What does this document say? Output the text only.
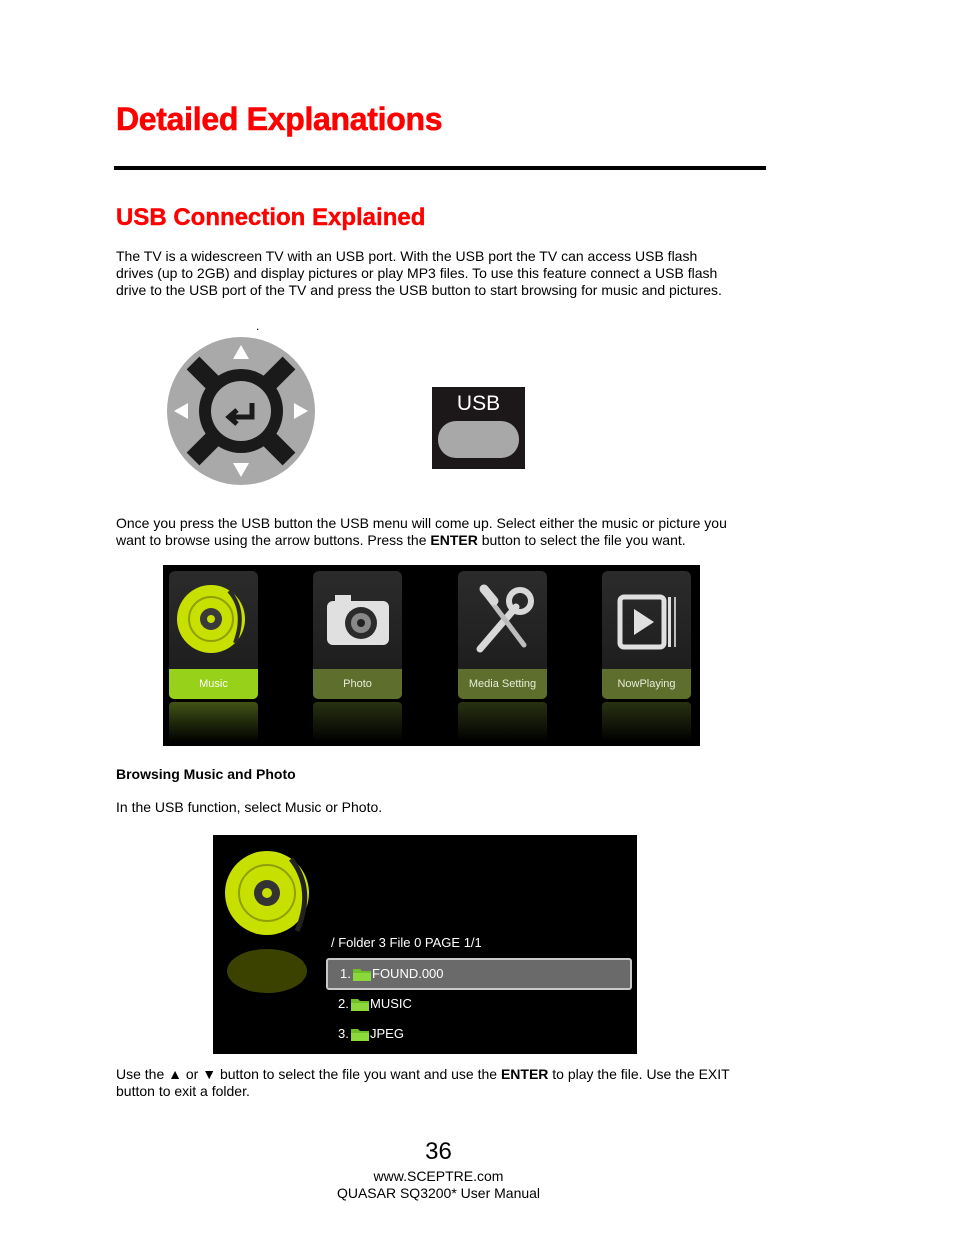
Detailed Explanations
USB Connection Explained

The TV is a widescreen TV with an USB port. With the USB port the TV can access USB flash

drives (up to 2GB) and display pictures or play MP3 files. To use this feature connect a USB flash

drive to the USB port of the TV and press the USB button to start browsing for music and pictures.

.
USB

Once you press the USB button the USB menu will come up. Select either the music or picture you

want to browse using the arrow buttons. Press the ENTER button to select the file you want.

Music	Photo	Media Setting	NowPlaying
Browsing Music and Photo
In the USB function, select Music or Photo.
/ Folder 3 File 0 PAGE 1/1
1. FOUND.000
2. MUSIC
3. JPEG

Use the ▲ or ▼ button to select the file you want and use the ENTER to play the file. Use the EXIT

button to exit a folder.

36
www.SCEPTRE.com
QUASAR SQ3200* User Manual
